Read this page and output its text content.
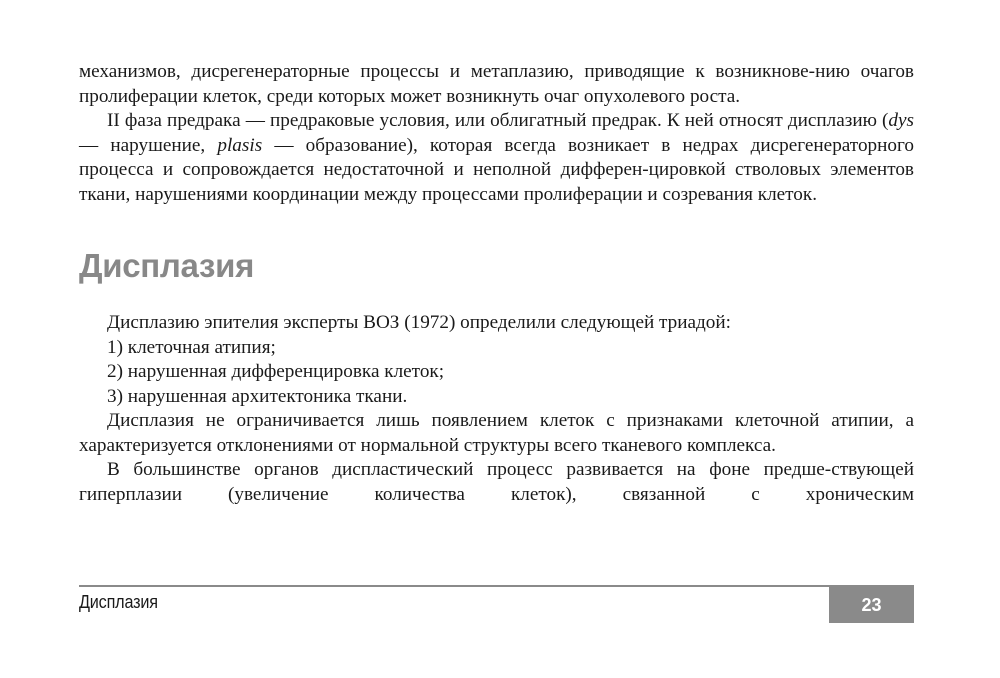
механизмов, дисрегенераторные процессы и метаплазию, приводящие к возникнове-нию очагов пролиферации клеток, среди которых может возникнуть очаг опухолевого роста.

II фаза предрака — предраковые условия, или облигатный предрак. К ней относят дисплазию (dys — нарушение, plasis — образование), которая всегда возникает в недрах дисрегенераторного процесса и сопровождается недостаточной и неполной дифферен-цировкой стволовых элементов ткани, нарушениями координации между процессами пролиферации и созревания клеток.

Дисплазия

Дисплазию эпителия эксперты ВОЗ (1972) определили следующей триадой:

1) клеточная атипия;

2) нарушенная дифференцировка клеток;

3) нарушенная архитектоника ткани.

Дисплазия не ограничивается лишь появлением клеток с признаками клеточной атипии, а характеризуется отклонениями от нормальной структуры всего тканевого комплекса.

В большинстве органов диспластический процесс развивается на фоне предше-ствующей гиперплазии (увеличение количества клеток), связанной с хроническим

Дисплазия	23
